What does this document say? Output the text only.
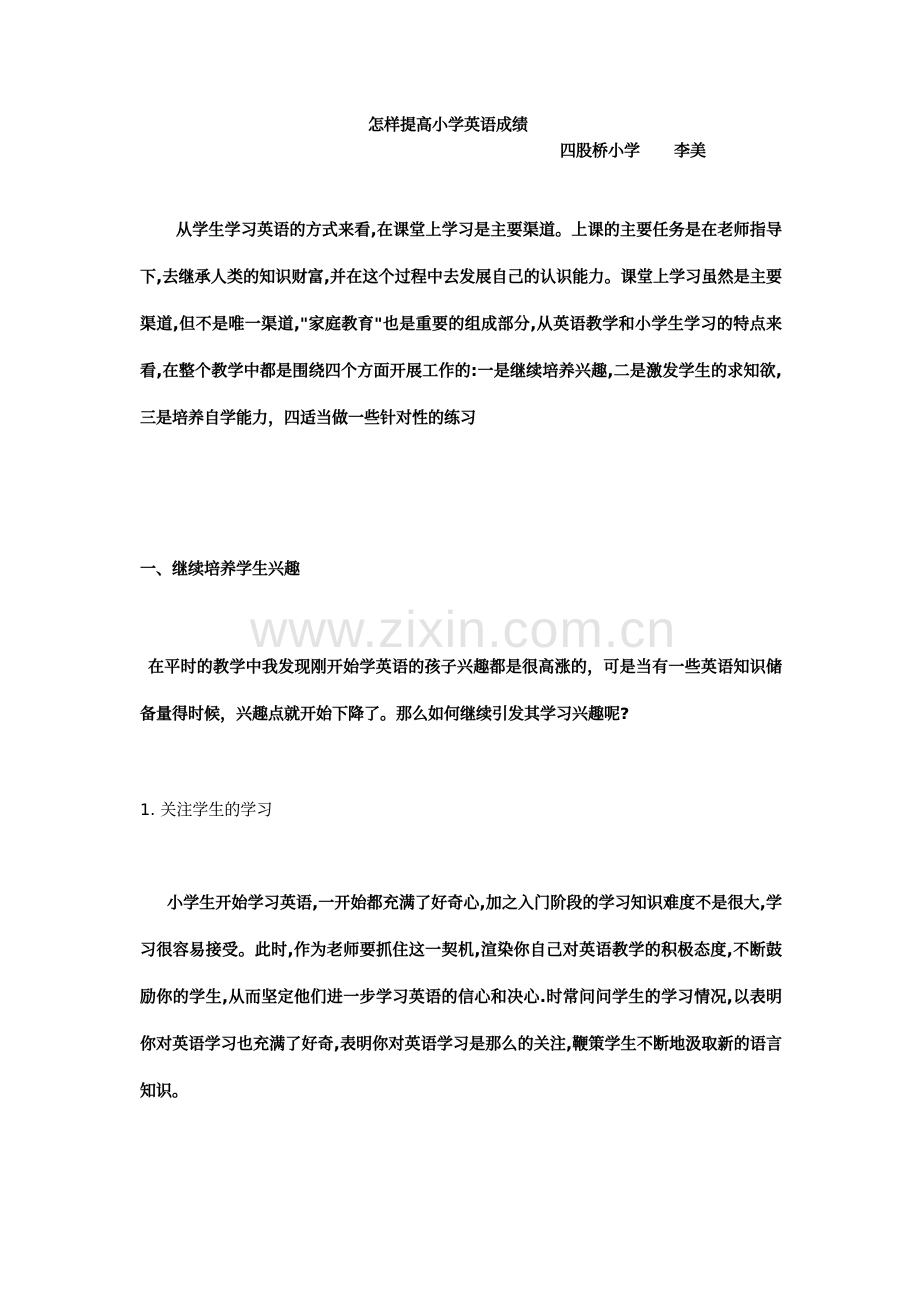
www.zixin.com.cn
怎样提高小学英语成绩
四股桥小学 李美
从学生学习英语的方式来看,在课堂上学习是主要渠道。上课的主要任务是在老师指导下,去继承人类的知识财富,并在这个过程中去发展自己的认识能力。课堂上学习虽然是主要渠道,但不是唯一渠道,"家庭教育"也是重要的组成部分,从英语教学和小学生学习的特点来看,在整个教学中都是围绕四个方面开展工作的:一是继续培养兴趣,二是激发学生的求知欲,三是培养自学能力，四适当做一些针对性的练习
一、继续培养学生兴趣
在平时的教学中我发现刚开始学英语的孩子兴趣都是很高涨的，可是当有一些英语知识储备量得时候，兴趣点就开始下降了。那么如何继续引发其学习兴趣呢?
1. 关注学生的学习
小学生开始学习英语,一开始都充满了好奇心,加之入门阶段的学习知识难度不是很大,学习很容易接受。此时,作为老师要抓住这一契机,渲染你自己对英语教学的积极态度,不断鼓励你的学生,从而坚定他们进一步学习英语的信心和决心.时常问问学生的学习情况,以表明你对英语学习也充满了好奇,表明你对英语学习是那么的关注,鞭策学生不断地汲取新的语言知识。
